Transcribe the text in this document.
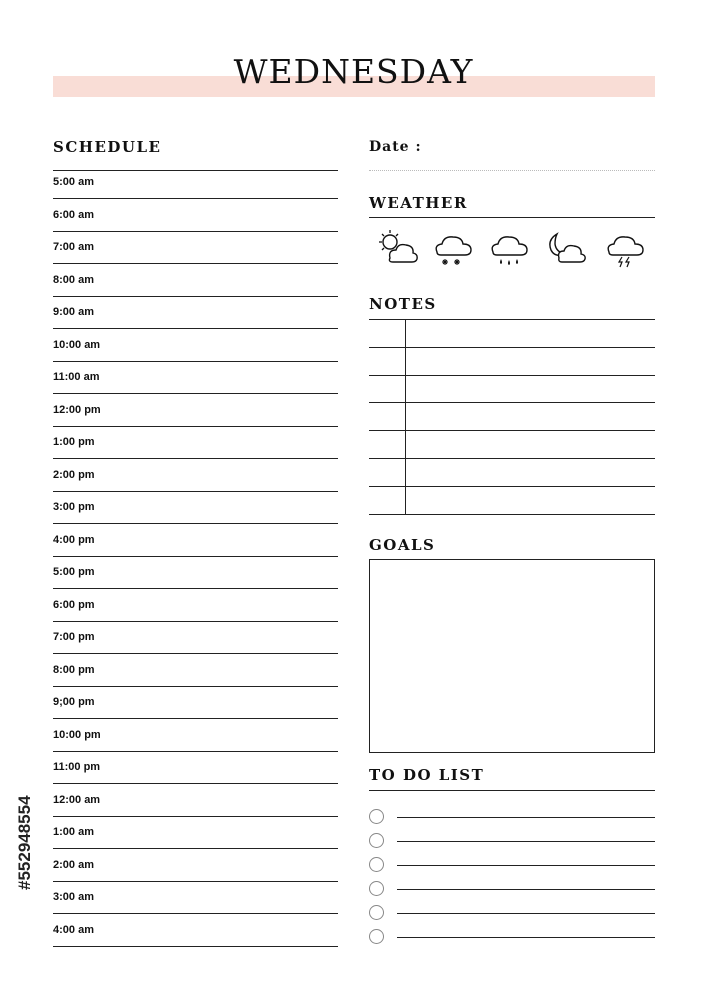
WEDNESDAY
SCHEDULE
5:00 am
6:00 am
7:00 am
8:00 am
9:00 am
10:00 am
11:00 am
12:00 pm
1:00 pm
2:00 pm
3:00 pm
4:00 pm
5:00 pm
6:00 pm
7:00 pm
8:00 pm
9;00 pm
10:00 pm
11:00 pm
12:00 am
1:00 am
2:00 am
3:00 am
4:00 am
Date :
WEATHER
NOTES
GOALS
TO DO LIST
#552948554
